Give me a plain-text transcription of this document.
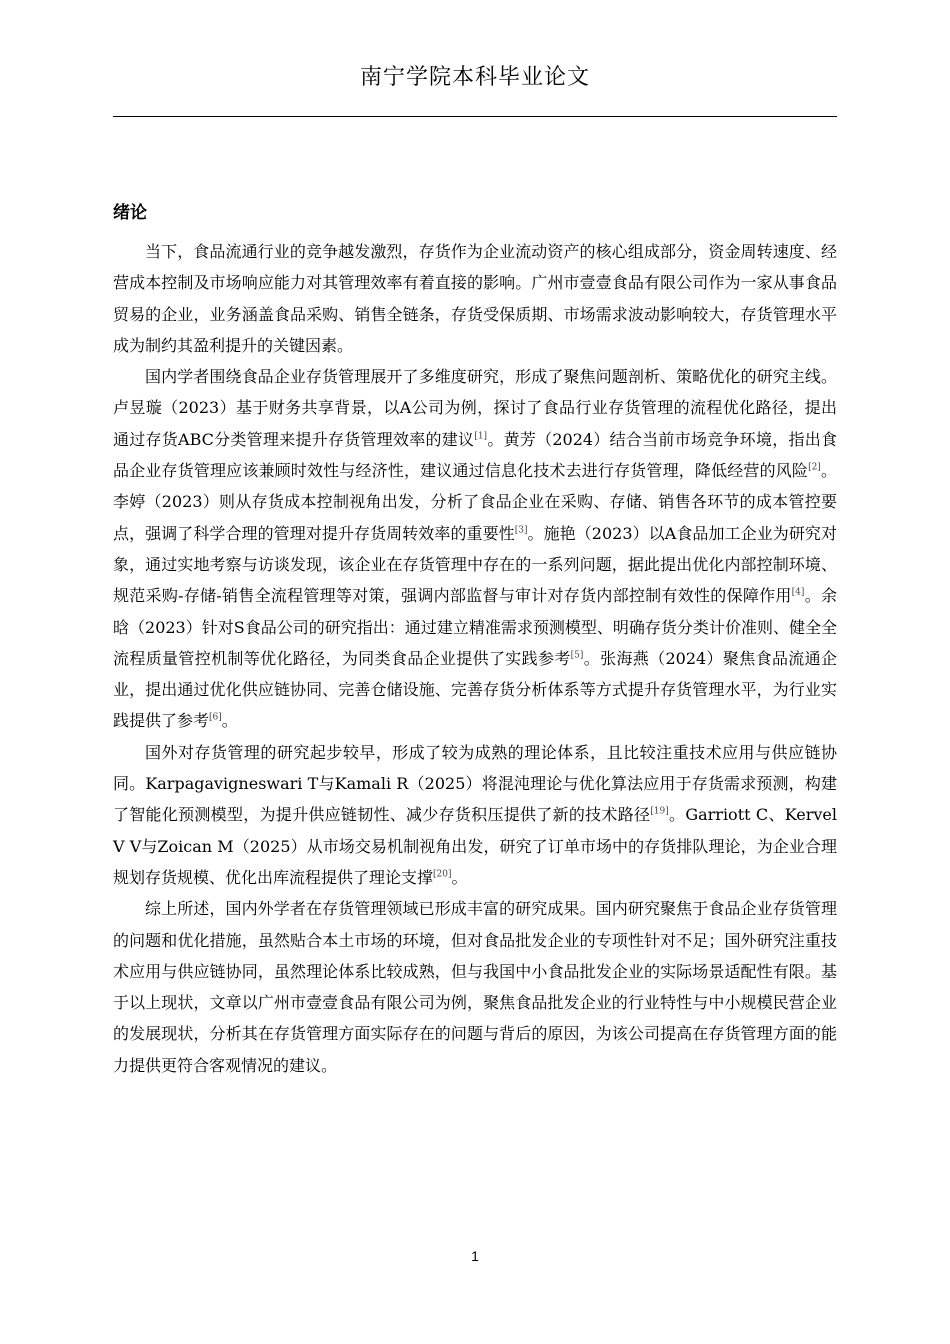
南宁学院本科毕业论文
绪论

当下，食品流通行业的竞争越发激烈，存货作为企业流动资产的核心组成部分，资金周转速度、经营成本控制及市场响应能力对其管理效率有着直接的影响。广州市壹壹食品有限公司作为一家从事食品贸易的企业，业务涵盖食品采购、销售全链条，存货受保质期、市场需求波动影响较大，存货管理水平成为制约其盈利提升的关键因素。

国内学者围绕食品企业存货管理展开了多维度研究，形成了聚焦问题剖析、策略优化的研究主线。卢昱璇（2023）基于财务共享背景，以A公司为例，探讨了食品行业存货管理的流程优化路径，提出通过存货ABC分类管理来提升存货管理效率的建议[1]。黄芳（2024）结合当前市场竞争环境，指出食品企业存货管理应该兼顾时效性与经济性，建议通过信息化技术去进行存货管理，降低经营的风险[2]。李婷（2023）则从存货成本控制视角出发，分析了食品企业在采购、存储、销售各环节的成本管控要点，强调了科学合理的管理对提升存货周转效率的重要性[3]。施艳（2023）以A食品加工企业为研究对象，通过实地考察与访谈发现，该企业在存货管理中存在的一系列问题，据此提出优化内部控制环境、规范采购-存储-销售全流程管理等对策，强调内部监督与审计对存货内部控制有效性的保障作用[4]。余晗（2023）针对S食品公司的研究指出：通过建立精准需求预测模型、明确存货分类计价准则、健全全流程质量管控机制等优化路径，为同类食品企业提供了实践参考[5]。张海燕（2024）聚焦食品流通企业，提出通过优化供应链协同、完善仓储设施、完善存货分析体系等方式提升存货管理水平，为行业实践提供了参考[6]。

国外对存货管理的研究起步较早，形成了较为成熟的理论体系，且比较注重技术应用与供应链协同。Karpagavigneswari T与Kamali R（2025）将混沌理论与优化算法应用于存货需求预测，构建了智能化预测模型，为提升供应链韧性、减少存货积压提供了新的技术路径[19]。Garriott C、Kervel V V与Zoican M（2025）从市场交易机制视角出发，研究了订单市场中的存货排队理论，为企业合理规划存货规模、优化出库流程提供了理论支撑[20]。

综上所述，国内外学者在存货管理领域已形成丰富的研究成果。国内研究聚焦于食品企业存货管理的问题和优化措施，虽然贴合本土市场的环境，但对食品批发企业的专项性针对不足；国外研究注重技术应用与供应链协同，虽然理论体系比较成熟，但与我国中小食品批发企业的实际场景适配性有限。基于以上现状，文章以广州市壹壹食品有限公司为例，聚焦食品批发企业的行业特性与中小规模民营企业的发展现状，分析其在存货管理方面实际存在的问题与背后的原因，为该公司提高在存货管理方面的能力提供更符合客观情况的建议。

1
